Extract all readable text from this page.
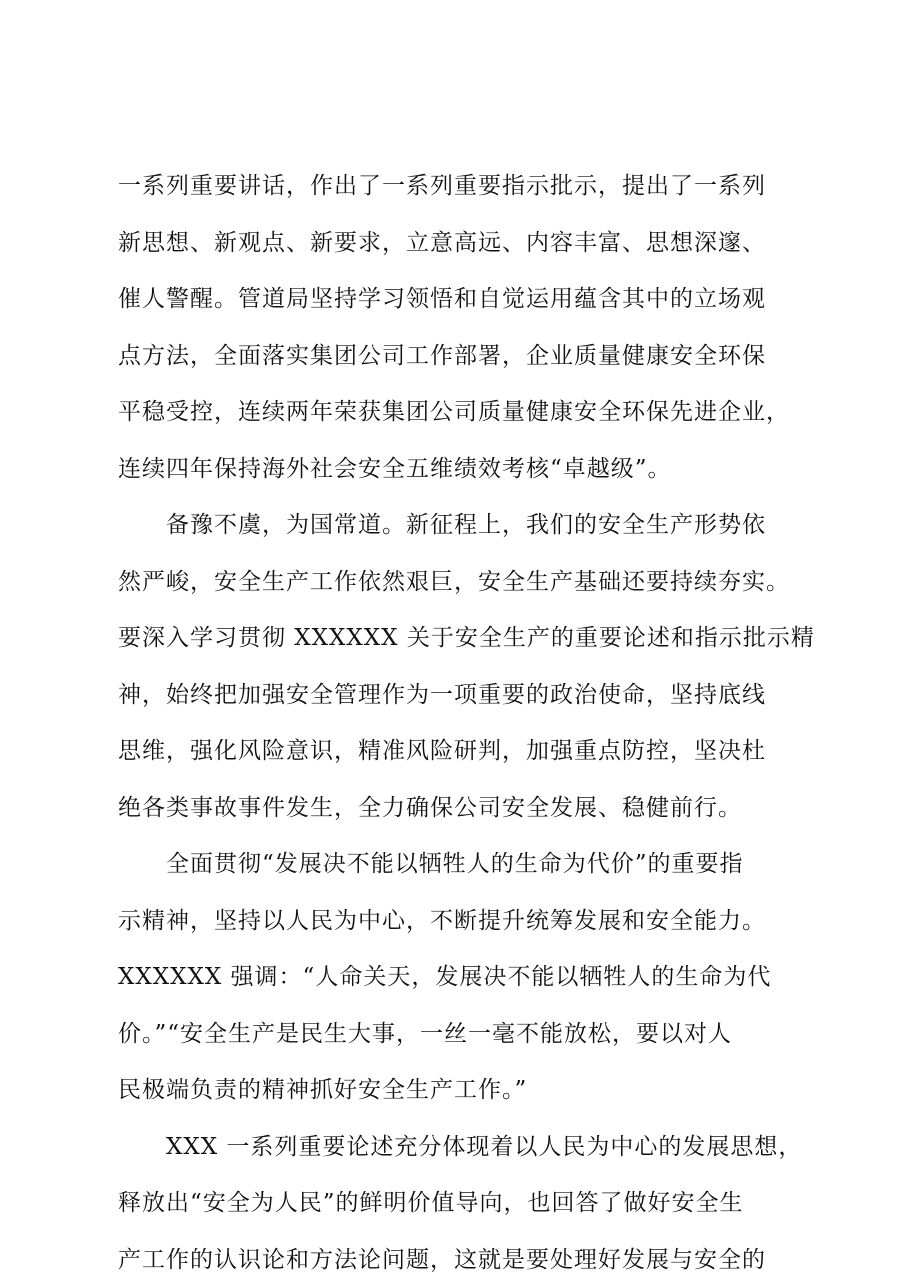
一系列重要讲话，作出了一系列重要指示批示，提出了一系列
新思想、新观点、新要求，立意高远、内容丰富、思想深邃、
催人警醒。管道局坚持学习领悟和自觉运用蕴含其中的立场观
点方法，全面落实集团公司工作部署，企业质量健康安全环保
平稳受控，连续两年荣获集团公司质量健康安全环保先进企业，
连续四年保持海外社会安全五维绩效考核“卓越级”。
备豫不虞，为国常道。新征程上，我们的安全生产形势依
然严峻，安全生产工作依然艰巨，安全生产基础还要持续夯实。
要深入学习贯彻 XXXXXX 关于安全生产的重要论述和指示批示精
神，始终把加强安全管理作为一项重要的政治使命，坚持底线
思维，强化风险意识，精准风险研判，加强重点防控，坚决杜
绝各类事故事件发生，全力确保公司安全发展、稳健前行。
全面贯彻“发展决不能以牺牲人的生命为代价”的重要指
示精神，坚持以人民为中心，不断提升统筹发展和安全能力。
XXXXXX 强调：“人命关天，发展决不能以牺牲人的生命为代
价。”“安全生产是民生大事，一丝一毫不能放松，要以对人
民极端负责的精神抓好安全生产工作。”
XXX 一系列重要论述充分体现着以人民为中心的发展思想，
释放出“安全为人民”的鲜明价值导向，也回答了做好安全生
产工作的认识论和方法论问题，这就是要处理好发展与安全的
